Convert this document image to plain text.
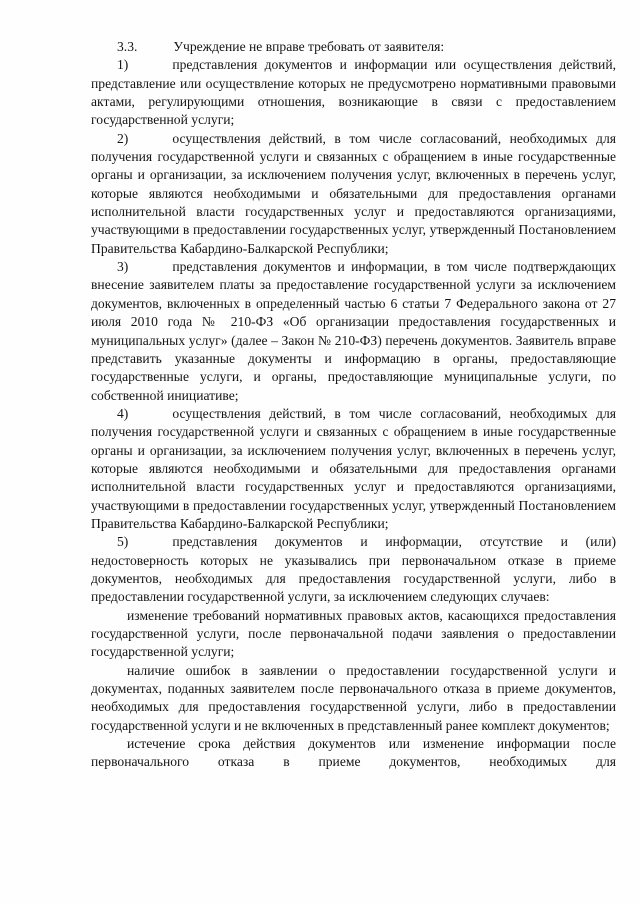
3.3.	Учреждение не вправе требовать от заявителя:

1)	представления документов и информации или осуществления действий, представление или осуществление которых не предусмотрено нормативными правовыми актами, регулирующими отношения, возникающие в связи с предоставлением государственной услуги;

2)	осуществления действий, в том числе согласований, необходимых для получения государственной услуги и связанных с обращением в иные государственные органы и организации, за исключением получения услуг, включенных в перечень услуг, которые являются необходимыми и обязательными для предоставления органами исполнительной власти государственных услуг и предоставляются организациями, участвующими в предоставлении государственных услуг, утвержденный Постановлением Правительства Кабардино-Балкарской Республики;

3)	представления документов и информации, в том числе подтверждающих внесение заявителем платы за предоставление государственной услуги за исключением документов, включенных в определенный частью 6 статьи 7 Федерального закона от 27 июля 2010 года № 210-ФЗ «Об организации предоставления государственных и муниципальных услуг» (далее – Закон № 210-ФЗ) перечень документов. Заявитель вправе представить указанные документы и информацию в органы, предоставляющие государственные услуги, и органы, предоставляющие муниципальные услуги, по собственной инициативе;

4)	осуществления действий, в том числе согласований, необходимых для получения государственной услуги и связанных с обращением в иные государственные органы и организации, за исключением получения услуг, включенных в перечень услуг, которые являются необходимыми и обязательными для предоставления органами исполнительной власти государственных услуг и предоставляются организациями, участвующими в предоставлении государственных услуг, утвержденный Постановлением Правительства Кабардино-Балкарской Республики;

5)	представления документов и информации, отсутствие и (или) недостоверность которых не указывались при первоначальном отказе в приеме документов, необходимых для предоставления государственной услуги, либо в предоставлении государственной услуги, за исключением следующих случаев:

изменение требований нормативных правовых актов, касающихся предоставления государственной услуги, после первоначальной подачи заявления о предоставлении государственной услуги;

наличие ошибок в заявлении о предоставлении государственной услуги и документах, поданных заявителем после первоначального отказа в приеме документов, необходимых для предоставления государственной услуги, либо в предоставлении государственной услуги и не включенных в представленный ранее комплект документов;

истечение срока действия документов или изменение информации после первоначального отказа в приеме документов, необходимых для
